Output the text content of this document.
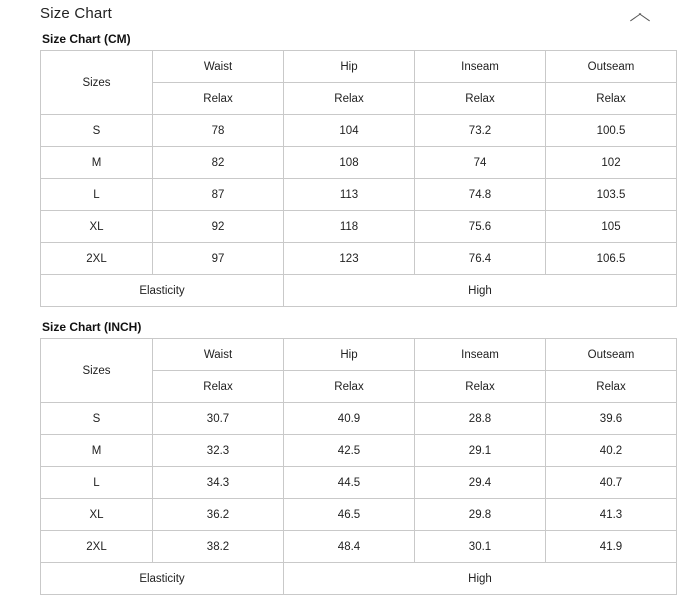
Size Chart
Size Chart (CM)
Sizes	Waist	Hip	Inseam	Outseam
	Relax	Relax	Relax	Relax
S	78	104	73.2	100.5
M	82	108	74	102
L	87	113	74.8	103.5
XL	92	118	75.6	105
2XL	97	123	76.4	106.5
Elasticity		High		
Size Chart (INCH)
Sizes	Waist	Hip	Inseam	Outseam
	Relax	Relax	Relax	Relax
S	30.7	40.9	28.8	39.6
M	32.3	42.5	29.1	40.2
L	34.3	44.5	29.4	40.7
XL	36.2	46.5	29.8	41.3
2XL	38.2	48.4	30.1	41.9
Elasticity		High		
